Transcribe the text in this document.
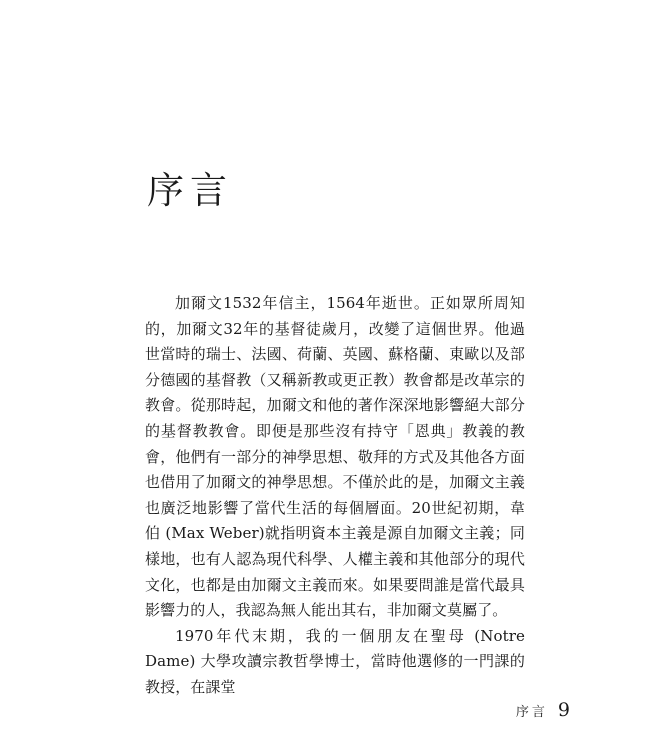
序言

加爾文1532年信主，1564年逝世。正如眾所周知的，加爾文32年的基督徒歲月，改變了這個世界。他過世當時的瑞士、法國、荷蘭、英國、蘇格蘭、東歐以及部分德國的基督教（又稱新教或更正教）教會都是改革宗的教會。從那時起，加爾文和他的著作深深地影響絕大部分的基督教教會。即便是那些沒有持守「恩典」教義的教會，他們有一部分的神學思想、敬拜的方式及其他各方面也借用了加爾文的神學思想。不僅於此的是，加爾文主義也廣泛地影響了當代生活的每個層面。20世紀初期，韋伯 (Max Weber)就指明資本主義是源自加爾文主義；同樣地，也有人認為現代科學、人權主義和其他部分的現代文化，也都是由加爾文主義而來。如果要問誰是當代最具影響力的人，我認為無人能出其右，非加爾文莫屬了。

1970年代末期，我的一個朋友在聖母 (Notre Dame) 大學攻讀宗教哲學博士，當時他選修的一門課的教授，在課堂

序言 9
